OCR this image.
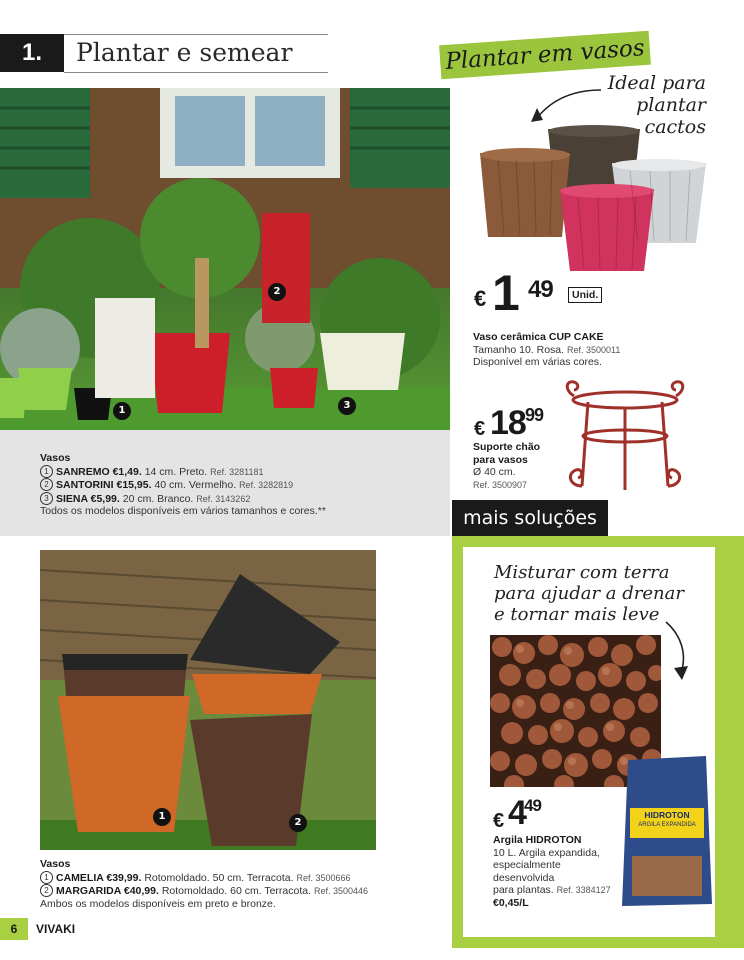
1.	Plantar e semear	Plantar em vasos
Ideal para
plantar cactos
1
2
3
€ 1 49	Unid.
Vaso cerâmica CUP CAKE
Tamanho 10. Rosa. Ref. 3500011
Disponível em várias cores.
€ 18 99
Suporte chão
para vasos
Ø 40 cm.
Ref. 3500907
Vasos
1 SANREMO €1,49. 14 cm. Preto. Ref. 3281181
2 SANTORINI €15,95. 40 cm. Vermelho. Ref. 3282819
3 SIENA €5,99. 20 cm. Branco. Ref. 3143262
Todos os modelos disponíveis em vários tamanhos e cores.**	mais soluções
Misturar com terra
para ajudar a drenar
e tornar mais leve
HIDROTON
ARGILA EXPANDIDA
€ 4
49
Argila HIDROTON
10 L. Argila expandida,
especialmente desenvolvida
para plantas. Ref. 3384127
€0,45/L
1
2
Vasos
1 CAMELIA €39,99. Rotomoldado. 50 cm. Terracota. Ref. 3500666
2 MARGARIDA €40,99. Rotomoldado. 60 cm. Terracota. Ref. 3500446
Ambos os modelos disponíveis em preto e bronze.
6	VIVAKI
